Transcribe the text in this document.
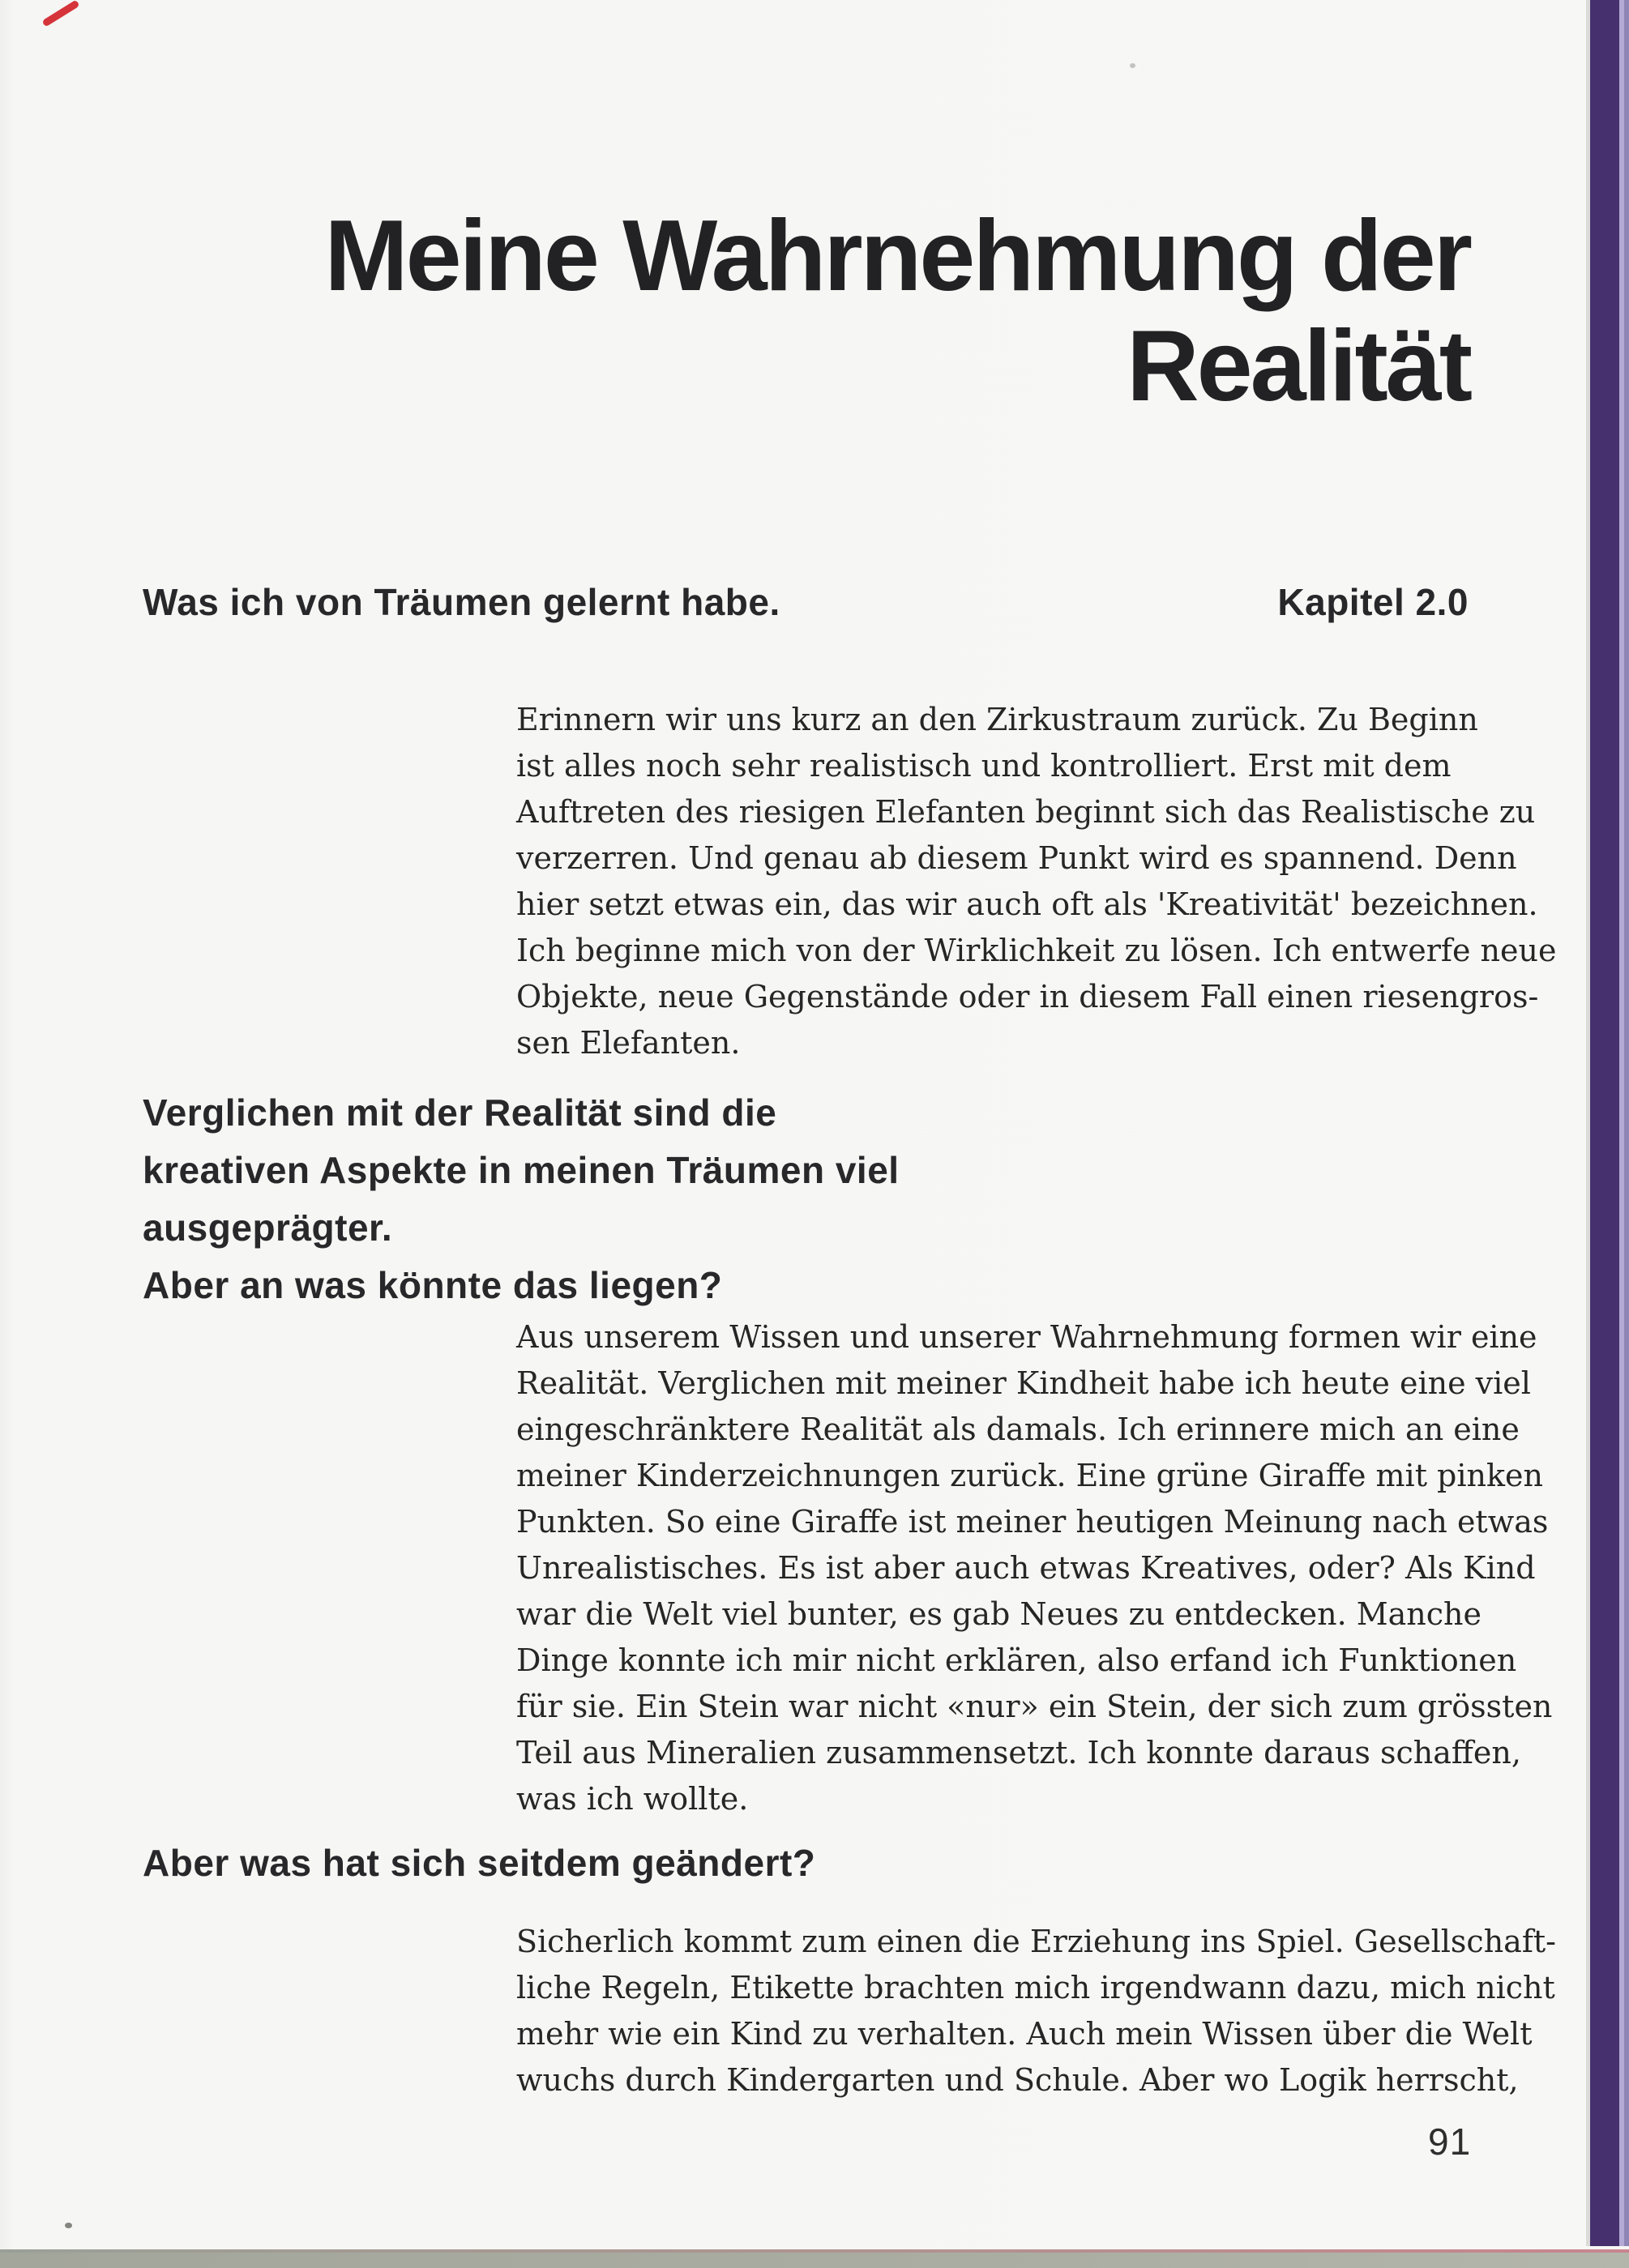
Meine Wahrnehmung der
Realität
Was ich von Träumen gelernt habe.	Kapitel 2.0
Erinnern wir uns kurz an den Zirkustraum zurück. Zu Beginn
ist alles noch sehr realistisch und kontrolliert. Erst mit dem
Auftreten des riesigen Elefanten beginnt sich das Realistische zu
verzerren. Und genau ab diesem Punkt wird es spannend. Denn
hier setzt etwas ein, das wir auch oft als 'Kreativität' bezeichnen.
Ich beginne mich von der Wirklichkeit zu lösen. Ich entwerfe neue
Objekte, neue Gegenstände oder in diesem Fall einen riesengros-
sen Elefanten.
Verglichen mit der Realität sind die
kreativen Aspekte in meinen Träumen viel
ausgeprägter.
Aber an was könnte das liegen?
Aus unserem Wissen und unserer Wahrnehmung formen wir eine
Realität. Verglichen mit meiner Kindheit habe ich heute eine viel
eingeschränktere Realität als damals. Ich erinnere mich an eine
meiner Kinderzeichnungen zurück. Eine grüne Giraffe mit pinken
Punkten. So eine Giraffe ist meiner heutigen Meinung nach etwas
Unrealistisches. Es ist aber auch etwas Kreatives, oder? Als Kind
war die Welt viel bunter, es gab Neues zu entdecken. Manche
Dinge konnte ich mir nicht erklären, also erfand ich Funktionen
für sie. Ein Stein war nicht «nur» ein Stein, der sich zum grössten
Teil aus Mineralien zusammensetzt. Ich konnte daraus schaffen,
was ich wollte.
Aber was hat sich seitdem geändert?
Sicherlich kommt zum einen die Erziehung ins Spiel. Gesellschaft-
liche Regeln, Etikette brachten mich irgendwann dazu, mich nicht
mehr wie ein Kind zu verhalten. Auch mein Wissen über die Welt
wuchs durch Kindergarten und Schule. Aber wo Logik herrscht,
91
